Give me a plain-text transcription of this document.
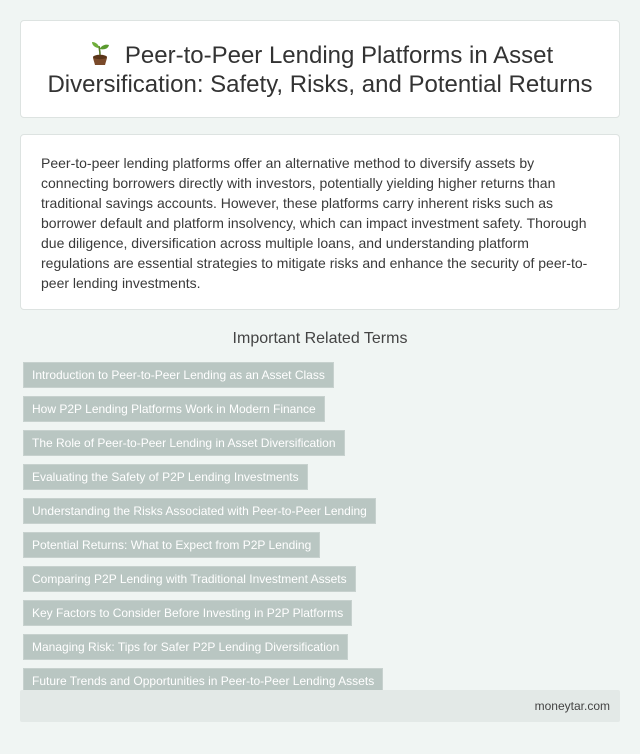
Peer-to-Peer Lending Platforms in Asset Diversification: Safety, Risks, and Potential Returns

Peer-to-peer lending platforms offer an alternative method to diversify assets by connecting borrowers directly with investors, potentially yielding higher returns than traditional savings accounts. However, these platforms carry inherent risks such as borrower default and platform insolvency, which can impact investment safety. Thorough due diligence, diversification across multiple loans, and understanding platform regulations are essential strategies to mitigate risks and enhance the security of peer-to-peer lending investments.

Important Related Terms
Introduction to Peer-to-Peer Lending as an Asset Class
How P2P Lending Platforms Work in Modern Finance
The Role of Peer-to-Peer Lending in Asset Diversification
Evaluating the Safety of P2P Lending Investments
Understanding the Risks Associated with Peer-to-Peer Lending
Potential Returns: What to Expect from P2P Lending
Comparing P2P Lending with Traditional Investment Assets
Key Factors to Consider Before Investing in P2P Platforms
Managing Risk: Tips for Safer P2P Lending Diversification
Future Trends and Opportunities in Peer-to-Peer Lending Assets
moneytar.com
